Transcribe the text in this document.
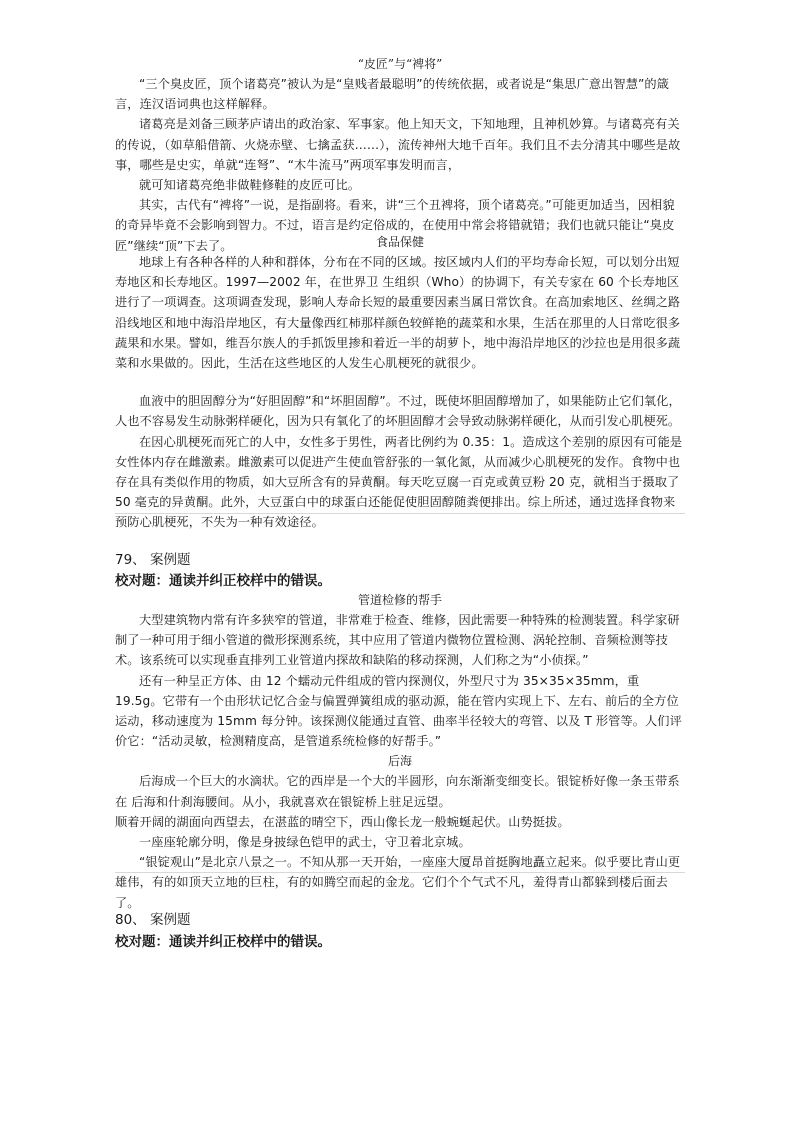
“皮匠”与“裨将”

“三个臭皮匠，顶个诸葛亮”被认为是“皇贱者最聪明”的传统依据，或者说是“集思广意出智慧”的箴言，连汉语词典也这样解释。

诸葛亮是刘备三顾茅庐请出的政治家、军事家。他上知天文，下知地理，且神机妙算。与诸葛亮有关的传说，（如草船借箭、火烧赤壁、七擒孟获……），流传神州大地千百年。我们且不去分清其中哪些是故事，哪些是史实，单就“连弩”、“木牛流马”两项军事发明而言，

就可知诸葛亮绝非做鞋修鞋的皮匠可比。

其实，古代有“裨将”一说，是指副将。看来，讲“三个丑裨将，顶个诸葛亮。”可能更加适当，因相貌的奇异毕竟不会影响到智力。不过，语言是约定俗成的，在使用中常会将错就错；我们也就只能让“臭皮匠”继续“顶”下去了。	食品保健

地球上有各种各样的人种和群体，分布在不同的区域。按区域内人们的平均寿命长短，可以划分出短寿地区和长寿地区。1997—2002 年，在世界卫 生组织（Who）的协调下，有关专家在 60 个长寿地区进行了一项调查。这项调查发现，影响人寿命长短的最重要因素当属日常饮食。在高加索地区、丝绸之路沿线地区和地中海沿岸地区，有大量像西红柿那样颜色较鲜艳的蔬菜和水果，生活在那里的人日常吃很多蔬果和水果。譬如，维吾尔族人的手抓饭里掺和着近一半的胡萝卜，地中海沿岸地区的沙拉也是用很多蔬菜和水果做的。因此，生活在这些地区的人发生心肌梗死的就很少。

血液中的胆固醇分为“好胆固醇”和“坏胆固醇”。不过，既使坏胆固醇增加了，如果能防止它们氧化，人也不容易发生动脉粥样硬化，因为只有氧化了的坏胆固醇才会导致动脉粥样硬化，从而引发心肌梗死。

在因心肌梗死而死亡的人中，女性多于男性，两者比例约为 0.35：1。造成这个差别的原因有可能是女性体内存在雌激素。雌激素可以促进产生使血管舒张的一氧化氮，从而减少心肌梗死的发作。食物中也存在具有类似作用的物质，如大豆所含有的异黄酮。每天吃豆腐一百克或黄豆粉 20 克，就相当于摄取了 50 毫克的异黄酮。此外，大豆蛋白中的球蛋白还能促使胆固醇随粪便排出。综上所述，通过选择食物来预防心肌梗死，不失为一种有效途径。

79、 案例题
校对题：通读并纠正校样中的错误。

管道检修的帮手

大型建筑物内常有许多狭窄的管道，非常难于检查、维修，因此需要一种特殊的检测装置。科学家研制了一种可用于细小管道的微形探测系统，其中应用了管道内微物位置检测、涡轮控制、音频检测等技术。该系统可以实现垂直排列工业管道内探故和缺陷的移动探测，人们称之为“小侦探。”

还有一种呈正方体、由 12 个蠕动元件组成的管内探测仪，外型尺寸为 35×35×35mm，重 19.5g。它带有一个由形状记忆合金与偏置弹簧组成的驱动源，能在管内实现上下、左右、前后的全方位运动，移动速度为 15mm 每分钟。该探测仪能通过直管、曲率半径较大的弯管、以及 T 形管等。人们评价它：“活动灵敏，检测精度高，是管道系统检修的好帮手。”

后海

后海成一个巨大的水滴状。它的西岸是一个大的半圆形，向东渐渐变细变长。银锭桥好像一条玉带系在 后海和什刹海腰间。从小，我就喜欢在银锭桥上驻足远望。

顺着开阔的湖面向西望去，在湛蓝的晴空下，西山像长龙一般蜿蜒起伏。山势挺拔。

一座座轮廓分明，像是身披绿色铠甲的武士，守卫着北京城。

“银锭观山”是北京八景之一。不知从那一天开始，一座座大厦昂首挺胸地矗立起来。似乎要比青山更雄伟，有的如顶天立地的巨柱，有的如腾空而起的金龙。它们个个气式不凡，羞得青山都躲到楼后面去了。

80、 案例题
校对题：通读并纠正校样中的错误。
